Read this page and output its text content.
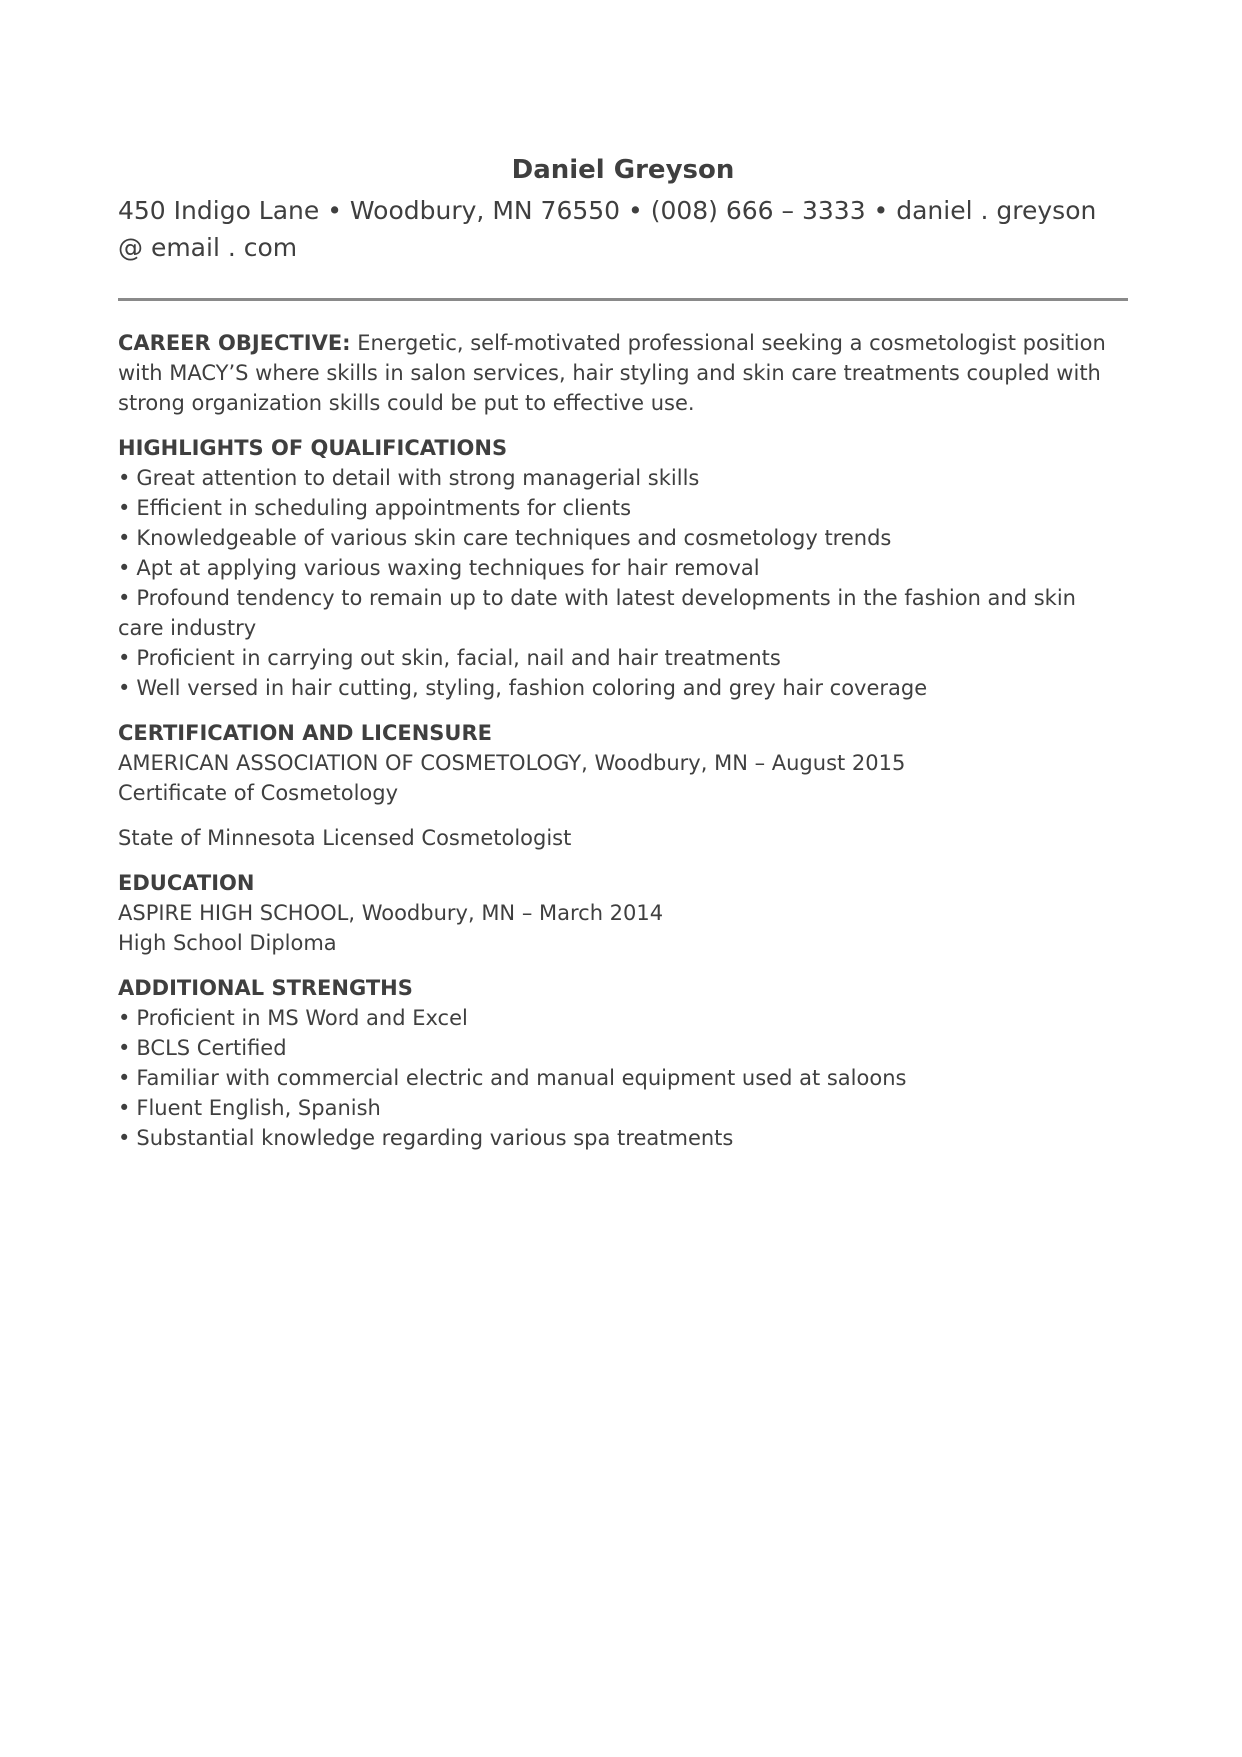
Daniel Greyson

450 Indigo Lane • Woodbury, MN 76550 • (008) 666 – 3333 • daniel . greyson @ email . com

CAREER OBJECTIVE: Energetic, self-motivated professional seeking a cosmetologist position with MACY’S where skills in salon services, hair styling and skin care treatments coupled with strong organization skills could be put to effective use.

HIGHLIGHTS OF QUALIFICATIONS

• Great attention to detail with strong managerial skills
• Efficient in scheduling appointments for clients
• Knowledgeable of various skin care techniques and cosmetology trends
• Apt at applying various waxing techniques for hair removal
• Profound tendency to remain up to date with latest developments in the fashion and skin care industry
• Proficient in carrying out skin, facial, nail and hair treatments
• Well versed in hair cutting, styling, fashion coloring and grey hair coverage

CERTIFICATION AND LICENSURE

AMERICAN ASSOCIATION OF COSMETOLOGY, Woodbury, MN – August 2015

Certificate of Cosmetology

State of Minnesota Licensed Cosmetologist

EDUCATION

ASPIRE HIGH SCHOOL, Woodbury, MN – March 2014

High School Diploma

ADDITIONAL STRENGTHS

• Proficient in MS Word and Excel
• BCLS Certified
• Familiar with commercial electric and manual equipment used at saloons
• Fluent English, Spanish
• Substantial knowledge regarding various spa treatments
